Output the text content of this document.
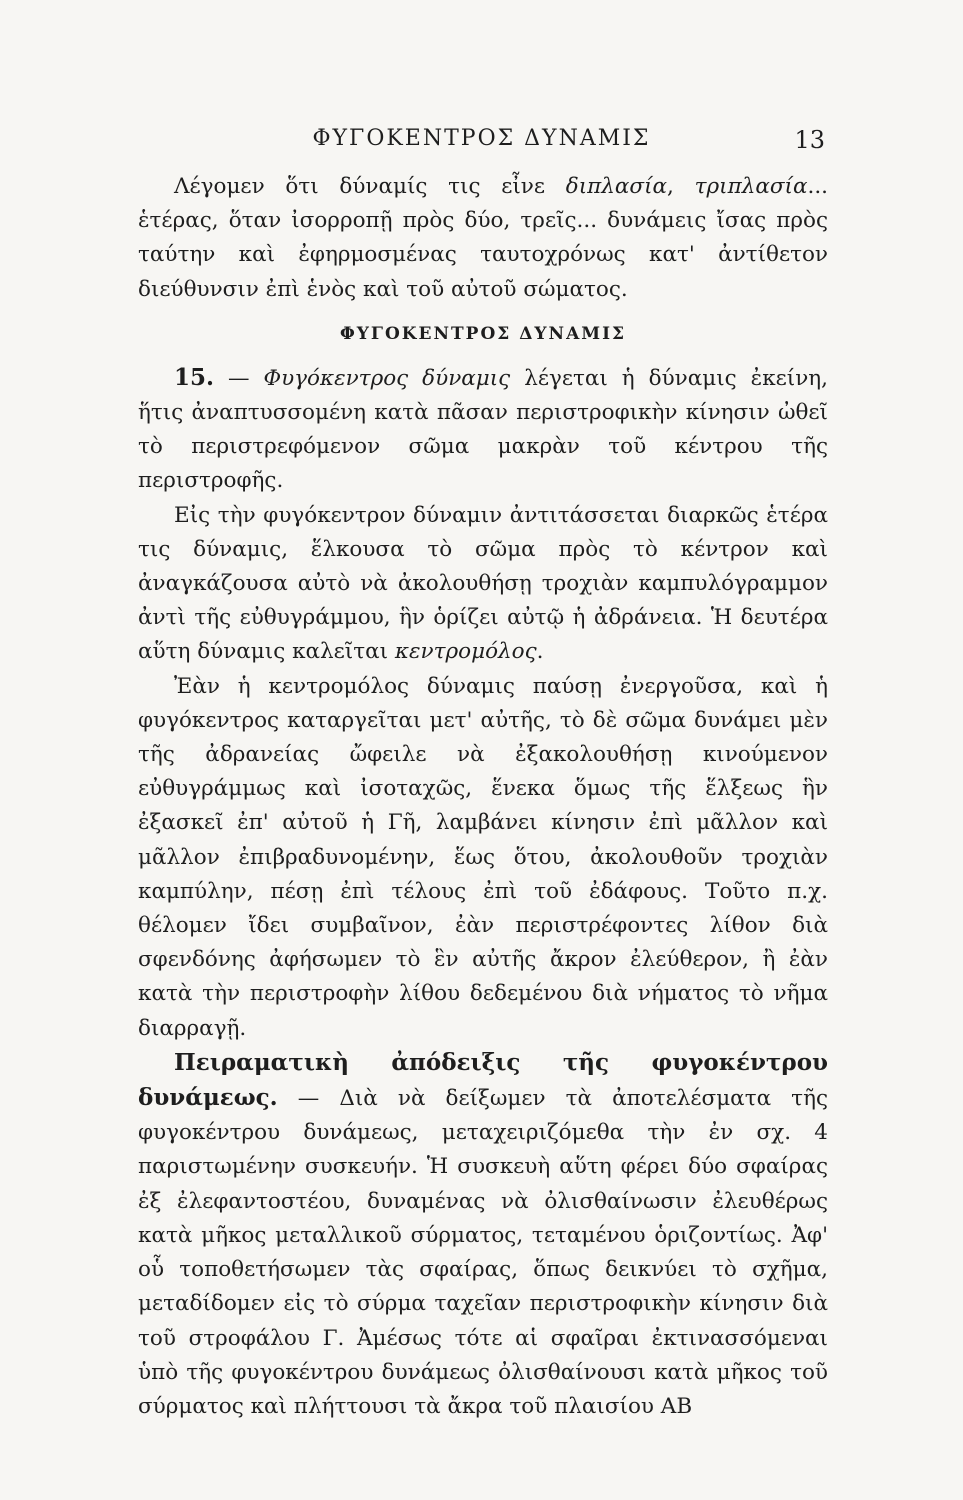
ΦΥΓΟΚΕΝΤΡΟΣ ΔΥΝΑΜΙΣ	13

Λέγομεν ὅτι δύναμίς τις εἶνε διπλασία, τριπλασία... ἑτέρας, ὅταν ἰσορροπῇ πρὸς δύο, τρεῖς... δυνάμεις ἴσας πρὸς ταύτην καὶ ἐφηρμοσμένας ταυτοχρόνως κατ' ἀντίθετον διεύθυνσιν ἐπὶ ἑνὸς καὶ τοῦ αὐτοῦ σώματος.

ΦΥΓΟΚΕΝΤΡΟΣ ΔΥΝΑΜΙΣ

15. — Φυγόκεντρος δύναμις λέγεται ἡ δύναμις ἐκείνη, ἥτις ἀναπτυσσομένη κατὰ πᾶσαν περιστροφικὴν κίνησιν ὠθεῖ τὸ περιστρεφόμενον σῶμα μακρὰν τοῦ κέντρου τῆς περιστροφῆς.

Εἰς τὴν φυγόκεντρον δύναμιν ἀντιτάσσεται διαρκῶς ἑτέρα τις δύναμις, ἕλκουσα τὸ σῶμα πρὸς τὸ κέντρον καὶ ἀναγκάζουσα αὐτὸ νὰ ἀκολουθήσῃ τροχιὰν καμπυλόγραμμον ἀντὶ τῆς εὐθυγράμμου, ἣν ὁρίζει αὐτῷ ἡ ἀδράνεια. Ἡ δευτέρα αὕτη δύναμις καλεῖται κεντρομόλος.

Ἐὰν ἡ κεντρομόλος δύναμις παύσῃ ἐνεργοῦσα, καὶ ἡ φυγόκεντρος καταργεῖται μετ' αὐτῆς, τὸ δὲ σῶμα δυνάμει μὲν τῆς ἀδρανείας ὤφειλε νὰ ἐξακολουθήσῃ κινούμενον εὐθυγράμμως καὶ ἰσοταχῶς, ἕνεκα ὅμως τῆς ἕλξεως ἣν ἐξασκεῖ ἐπ' αὐτοῦ ἡ Γῆ, λαμβάνει κίνησιν ἐπὶ μᾶλλον καὶ μᾶλλον ἐπιβραδυνομένην, ἕως ὅτου, ἀκολουθοῦν τροχιὰν καμπύλην, πέσῃ ἐπὶ τέλους ἐπὶ τοῦ ἐδάφους. Τοῦτο π.χ. θέλομεν ἴδει συμβαῖνον, ἐὰν περιστρέφοντες λίθον διὰ σφενδόνης ἀφήσωμεν τὸ ἓν αὐτῆς ἄκρον ἐλεύθερον, ἢ ἐὰν κατὰ τὴν περιστροφὴν λίθου δεδεμένου διὰ νήματος τὸ νῆμα διαρραγῇ.

Πειραματικὴ ἀπόδειξις τῆς φυγοκέντρου δυνάμεως. — Διὰ νὰ δείξωμεν τὰ ἀποτελέσματα τῆς φυγοκέντρου δυνάμεως, μεταχειριζόμεθα τὴν ἐν σχ. 4 παριστωμένην συσκευήν. Ἡ συσκευὴ αὕτη φέρει δύο σφαίρας ἐξ ἐλεφαντοστέου, δυναμένας νὰ ὀλισθαίνωσιν ἐλευθέρως κατὰ μῆκος μεταλλικοῦ σύρματος, τεταμένου ὁριζοντίως. Ἀφ' οὗ τοποθετήσωμεν τὰς σφαίρας, ὅπως δεικνύει τὸ σχῆμα, μεταδίδομεν εἰς τὸ σύρμα ταχεῖαν περιστροφικὴν κίνησιν διὰ τοῦ στροφάλου Γ. Ἀμέσως τότε αἱ σφαῖραι ἐκτινασσόμεναι ὑπὸ τῆς φυγοκέντρου δυνάμεως ὀλισθαίνουσι κατὰ μῆκος τοῦ σύρματος καὶ πλήττουσι τὰ ἄκρα τοῦ πλαισίου ΑΒ
